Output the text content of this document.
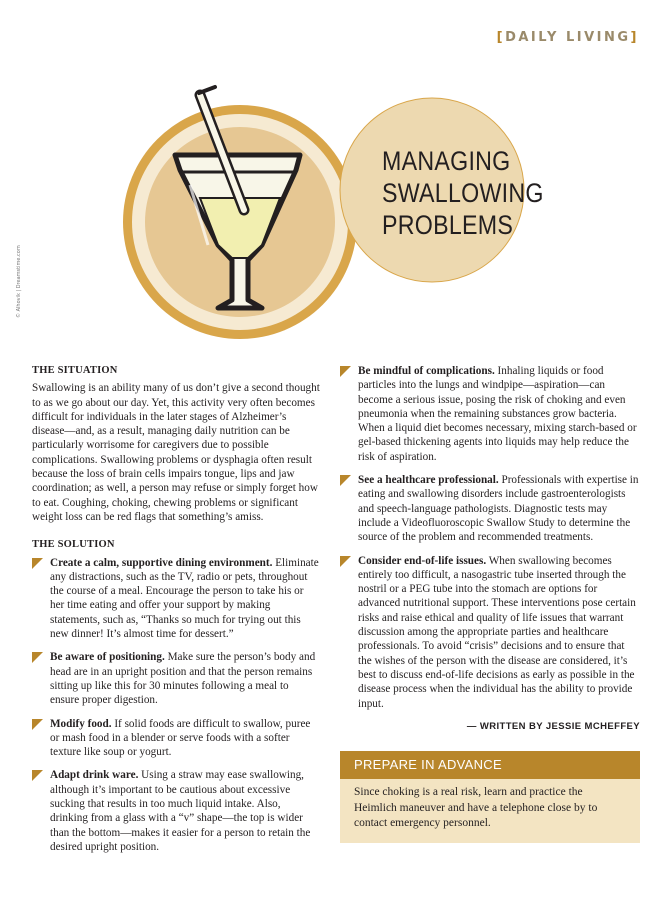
[DAILY LIVING]
MANAGING
SWALLOWING
PROBLEMS
© Alhovik | Dreamstime.com
THE SITUATION

Swallowing is an ability many of us don’t give a second thought to as we go about our day. Yet, this activity very often becomes difficult for individuals in the later stages of Alzheimer’s disease—and, as a result, managing daily nutrition can be particularly worrisome for caregivers due to possible complications. Swallowing problems or dysphagia often result because the loss of brain cells impairs tongue, lips and jaw coordination; as well, a person may refuse or simply forget how to eat. Coughing, choking, chewing problems or significant weight loss can be red flags that something’s amiss.

THE SOLUTION
Create a calm, supportive dining environment. Eliminate any distractions, such as the TV, radio or pets, throughout the course of a meal. Encourage the person to take his or her time eating and offer your support by making statements, such as, “Thanks so much for trying out this new dinner! It’s almost time for dessert.”
Be aware of positioning. Make sure the person’s body and head are in an upright position and that the person remains sitting up like this for 30 minutes following a meal to ensure proper digestion.
Modify food. If solid foods are difficult to swallow, puree or mash food in a blender or serve foods with a softer texture like soup or yogurt.
Adapt drink ware. Using a straw may ease swallowing, although it’s important to be cautious about excessive sucking that results in too much liquid intake. Also, drinking from a glass with a “v” shape—the top is wider than the bottom—makes it easier for a person to retain the desired upright position.
Be mindful of complications. Inhaling liquids or food particles into the lungs and windpipe—aspiration—can become a serious issue, posing the risk of choking and even pneumonia when the remaining substances grow bacteria. When a liquid diet becomes necessary, mixing starch-based or gel-based thickening agents into liquids may help reduce the risk of aspiration.
See a healthcare professional. Professionals with expertise in eating and swallowing disorders include gastroenterologists and speech-language pathologists. Diagnostic tests may include a Videofluoroscopic Swallow Study to determine the source of the problem and recommended treatments.
Consider end-of-life issues. When swallowing becomes entirely too difficult, a nasogastric tube inserted through the nostril or a PEG tube into the stomach are options for advanced nutritional support. These interventions pose certain risks and raise ethical and quality of life issues that warrant discussion among the appropriate parties and healthcare professionals. To avoid “crisis” decisions and to ensure that the wishes of the person with the disease are considered, it’s best to discuss end-of-life decisions as early as possible in the disease process when the individual has the ability to provide input.
— WRITTEN BY JESSIE MCHEFFEY
PREPARE IN ADVANCE
Since choking is a real risk, learn and practice the Heimlich maneuver and have a telephone close by to contact emergency personnel.
